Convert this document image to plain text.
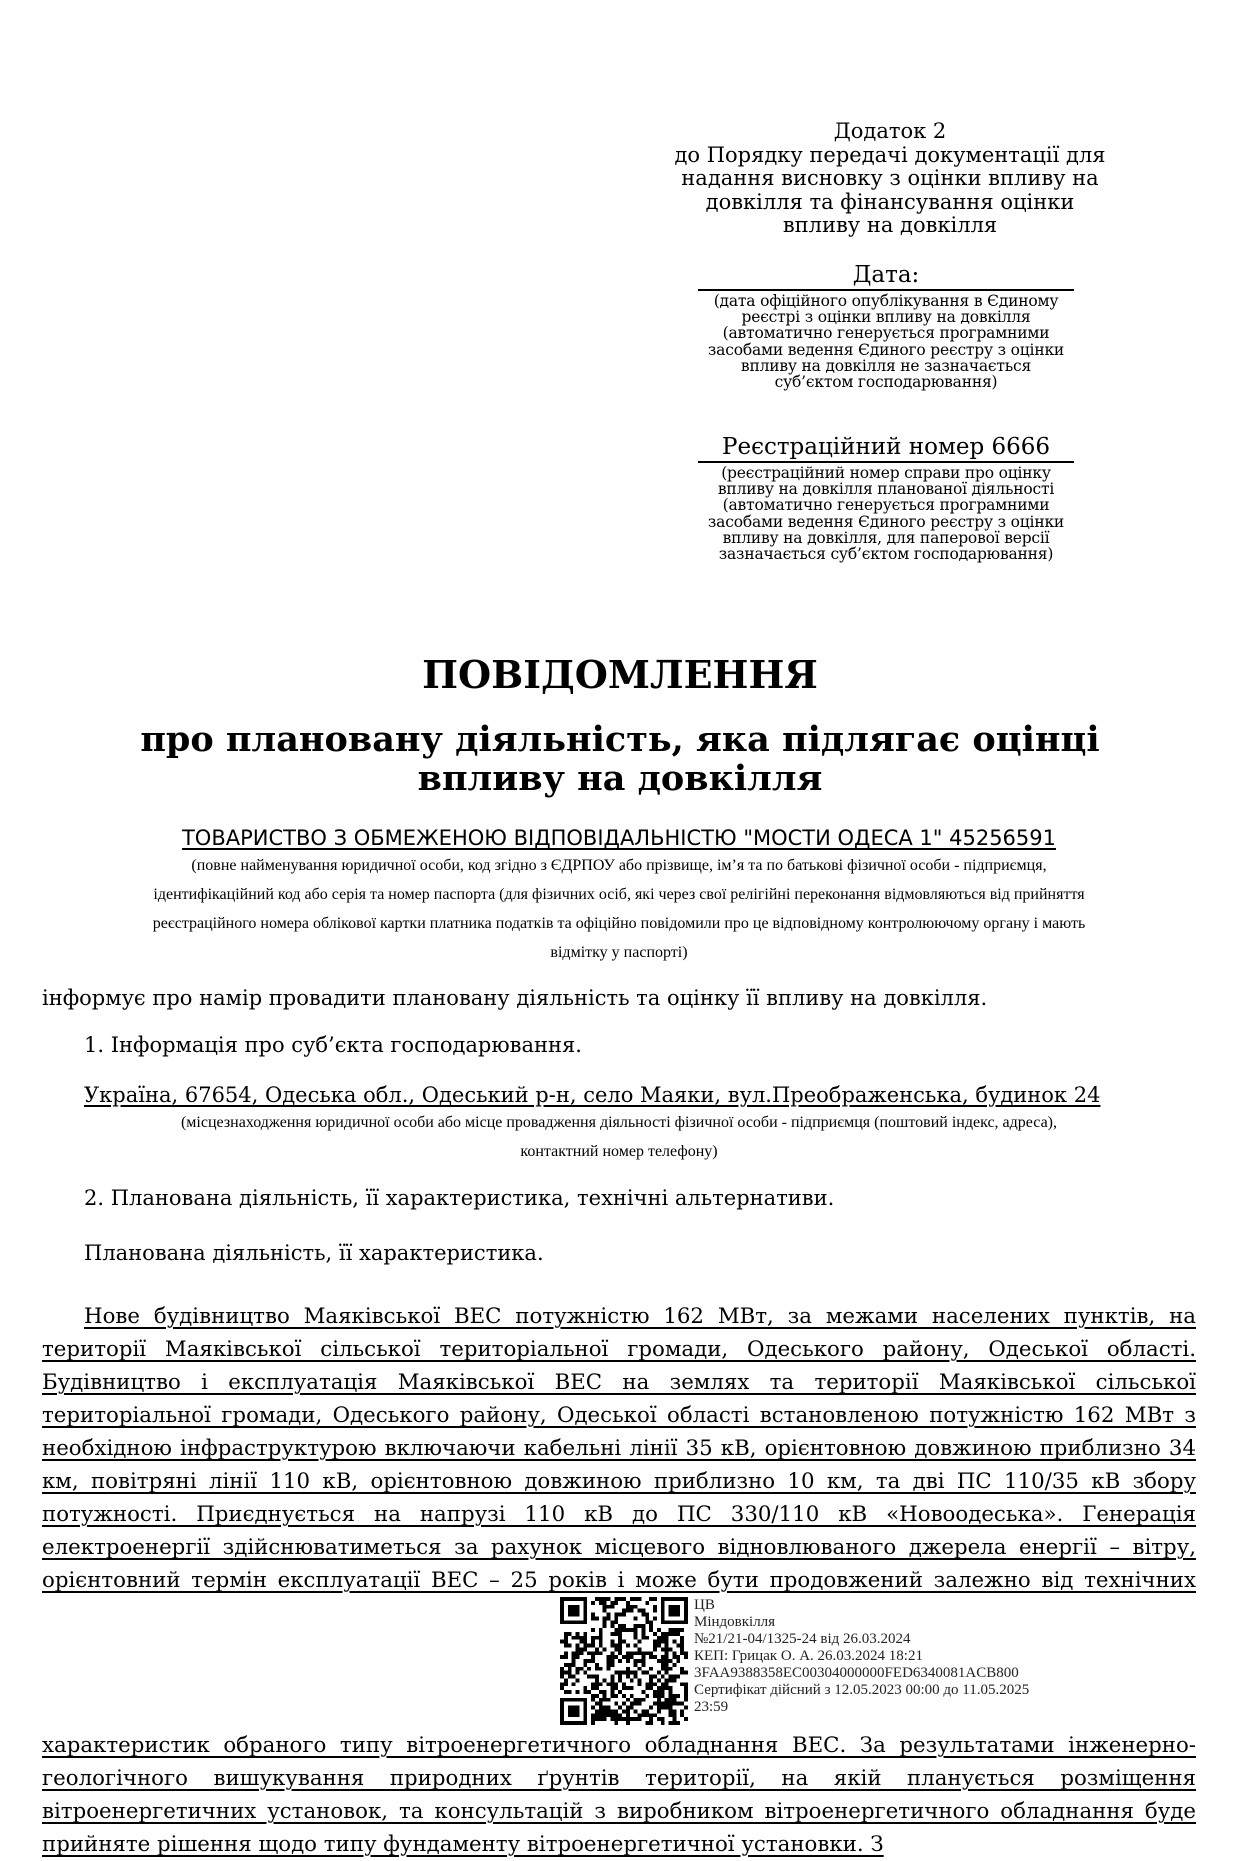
Додаток 2
до Порядку передачі документації для
надання висновку з оцінки впливу на
довкілля та фінансування оцінки
впливу на довкілля
Дата:
(дата офіційного опублікування в Єдиному
реєстрі з оцінки впливу на довкілля
(автоматично генерується програмними
засобами ведення Єдиного реєстру з оцінки
впливу на довкілля не зазначається
суб’єктом господарювання)
Реєстраційний номер 6666
(реєстраційний номер справи про оцінку
впливу на довкілля планованої діяльності
(автоматично генерується програмними
засобами ведення Єдиного реєстру з оцінки
впливу на довкілля, для паперової версії
зазначається суб’єктом господарювання)
ПОВІДОМЛЕННЯ
про плановану діяльність, яка підлягає оцінці
впливу на довкілля
ТОВАРИСТВО З ОБМЕЖЕНОЮ ВІДПОВІДАЛЬНІСТЮ "МОСТИ ОДЕСА 1" 45256591
(повне найменування юридичної особи, код згідно з ЄДРПОУ або прізвище, ім’я та по батькові фізичної особи - підприємця,
ідентифікаційний код або серія та номер паспорта (для фізичних осіб, які через свої релігійні переконання відмовляються від прийняття
реєстраційного номера облікової картки платника податків та офіційно повідомили про це відповідному контролюючому органу і мають
відмітку у паспорті)
інформує про намір провадити плановану діяльність та оцінку її впливу на довкілля.
1. Інформація про суб’єкта господарювання.
Україна, 67654, Одеська обл., Одеський р-н, село Маяки, вул.Преображенська, будинок 24
(місцезнаходження юридичної особи або місце провадження діяльності фізичної особи - підприємця (поштовий індекс, адреса),
контактний номер телефону)
2. Планована діяльність, її характеристика, технічні альтернативи.
Планована діяльність, її характеристика.
ЦВ
Міндовкілля
№21/21-04/1325-24 від 26.03.2024
КЕП: Грицак О. А. 26.03.2024 18:21
3FAA9388358EC00304000000FED6340081ACB800
Сертифікат дійсний з 12.05.2023 00:00 до 11.05.2025
23:59
Нове будівництво Маяківської ВЕС потужністю 162 МВт, за межами населених пунктів, на території Маяківської сільської територіальної громади, Одеського району, Одеської області. Будівництво і експлуатація Маяківської ВЕС на землях та території Маяківської сільської територіальної громади, Одеського району, Одеської області встановленою потужністю 162 МВт з необхідною інфраструктурою включаючи кабельні лінії 35 кВ, орієнтовною довжиною приблизно 34 км, повітряні лінії 110 кВ, орієнтовною довжиною приблизно 10 км, та дві ПС 110/35 кВ збору потужності. Приєднується на напрузі 110 кВ до ПС 330/110 кВ «Новоодеська». Генерація електроенергії здійснюватиметься за рахунок місцевого відновлюваного джерела енергії – вітру, орієнтовний термін експлуатації ВЕС – 25 років і може бути продовжений залежно від технічних характеристик обраного типу вітроенергетичного обладнання ВЕС. За результатами інженерно-геологічного вишукування природних ґрунтів території, на якій планується розміщення вітроенергетичних установок, та консультацій з виробником вітроенергетичного обладнання буде прийняте рішення щодо типу фундаменту вітроенергетичної установки. З
